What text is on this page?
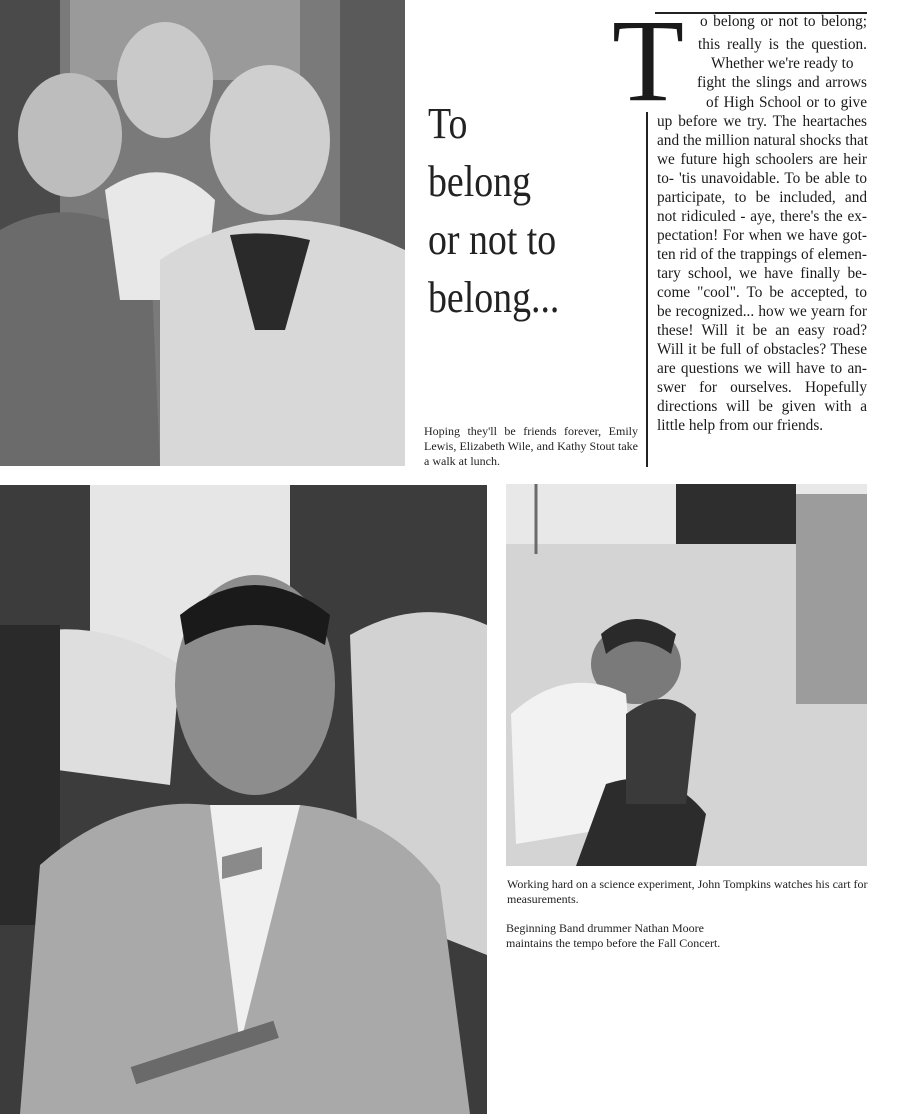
To belong
or not to
belong...

Hoping they'll be friends forever, Emily Lewis, Elizabeth Wile, and Kathy Stout take a walk at lunch.

T o belong or not to belong;

this really is the question.

Whether we're ready to

fight the slings and arrows

of High School or to give

up before we try. The heartaches

and the million natural shocks that

we future high schoolers are heir

to- 'tis unavoidable. To be able to

participate, to be included, and

not ridiculed - aye, there's the ex-

pectation! For when we have got-

ten rid of the trappings of elemen-

tary school, we have finally be-

come "cool". To be accepted, to

be recognized... how we yearn for

these! Will it be an easy road?

Will it be full of obstacles? These

are questions we will have to an-

swer for ourselves. Hopefully

directions will be given with a

little help from our friends.

Working hard on a science experiment, John Tompkins watches his cart for measurements.

Beginning Band drummer Nathan Moore maintains the tempo before the Fall Concert.
